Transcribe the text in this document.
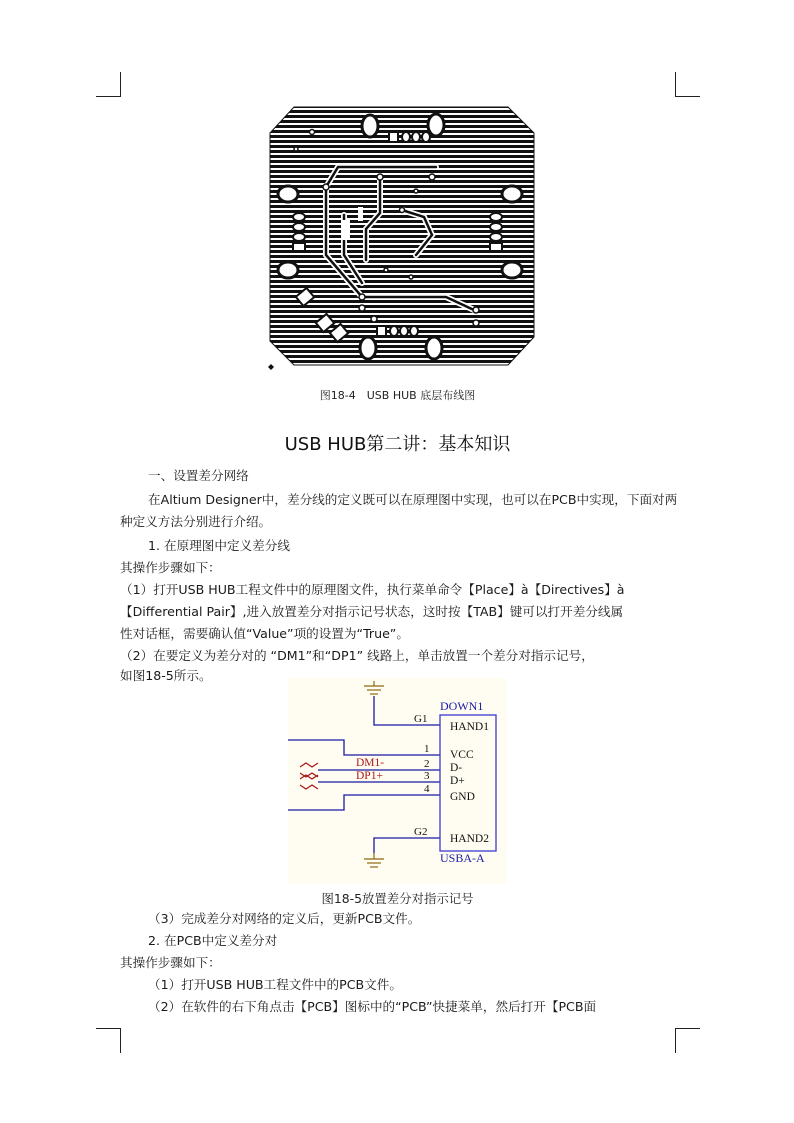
图18-4　USB HUB 底层布线图
USB HUB第二讲：基本知识
一、设置差分网络
在Altium Designer中，差分线的定义既可以在原理图中实现，也可以在PCB中实现，下面对两种定义方法分别进行介绍。
1. 在原理图中定义差分线
其操作步骤如下：
（1）打开USB HUB工程文件中的原理图文件，执行菜单命令【Place】à【Directives】à
【Differential Pair】,进入放置差分对指示记号状态，这时按【TAB】键可以打开差分线属
性对话框，需要确认值“Value”项的设置为“True”。
（2）在要定义为差分对的 “DM1”和“DP1” 线路上，单击放置一个差分对指示记号，
如图18-5所示。
G1
1
2
3
4
G2
HAND1
VCC
D-
D+
GND
HAND2
DOWN1
USBA-A
DM1-
DP1+
图18-5放置差分对指示记号
（3）完成差分对网络的定义后，更新PCB文件。
2. 在PCB中定义差分对
其操作步骤如下：
（1）打开USB HUB工程文件中的PCB文件。
（2）在软件的右下角点击【PCB】图标中的“PCB”快捷菜单，然后打开【PCB面
